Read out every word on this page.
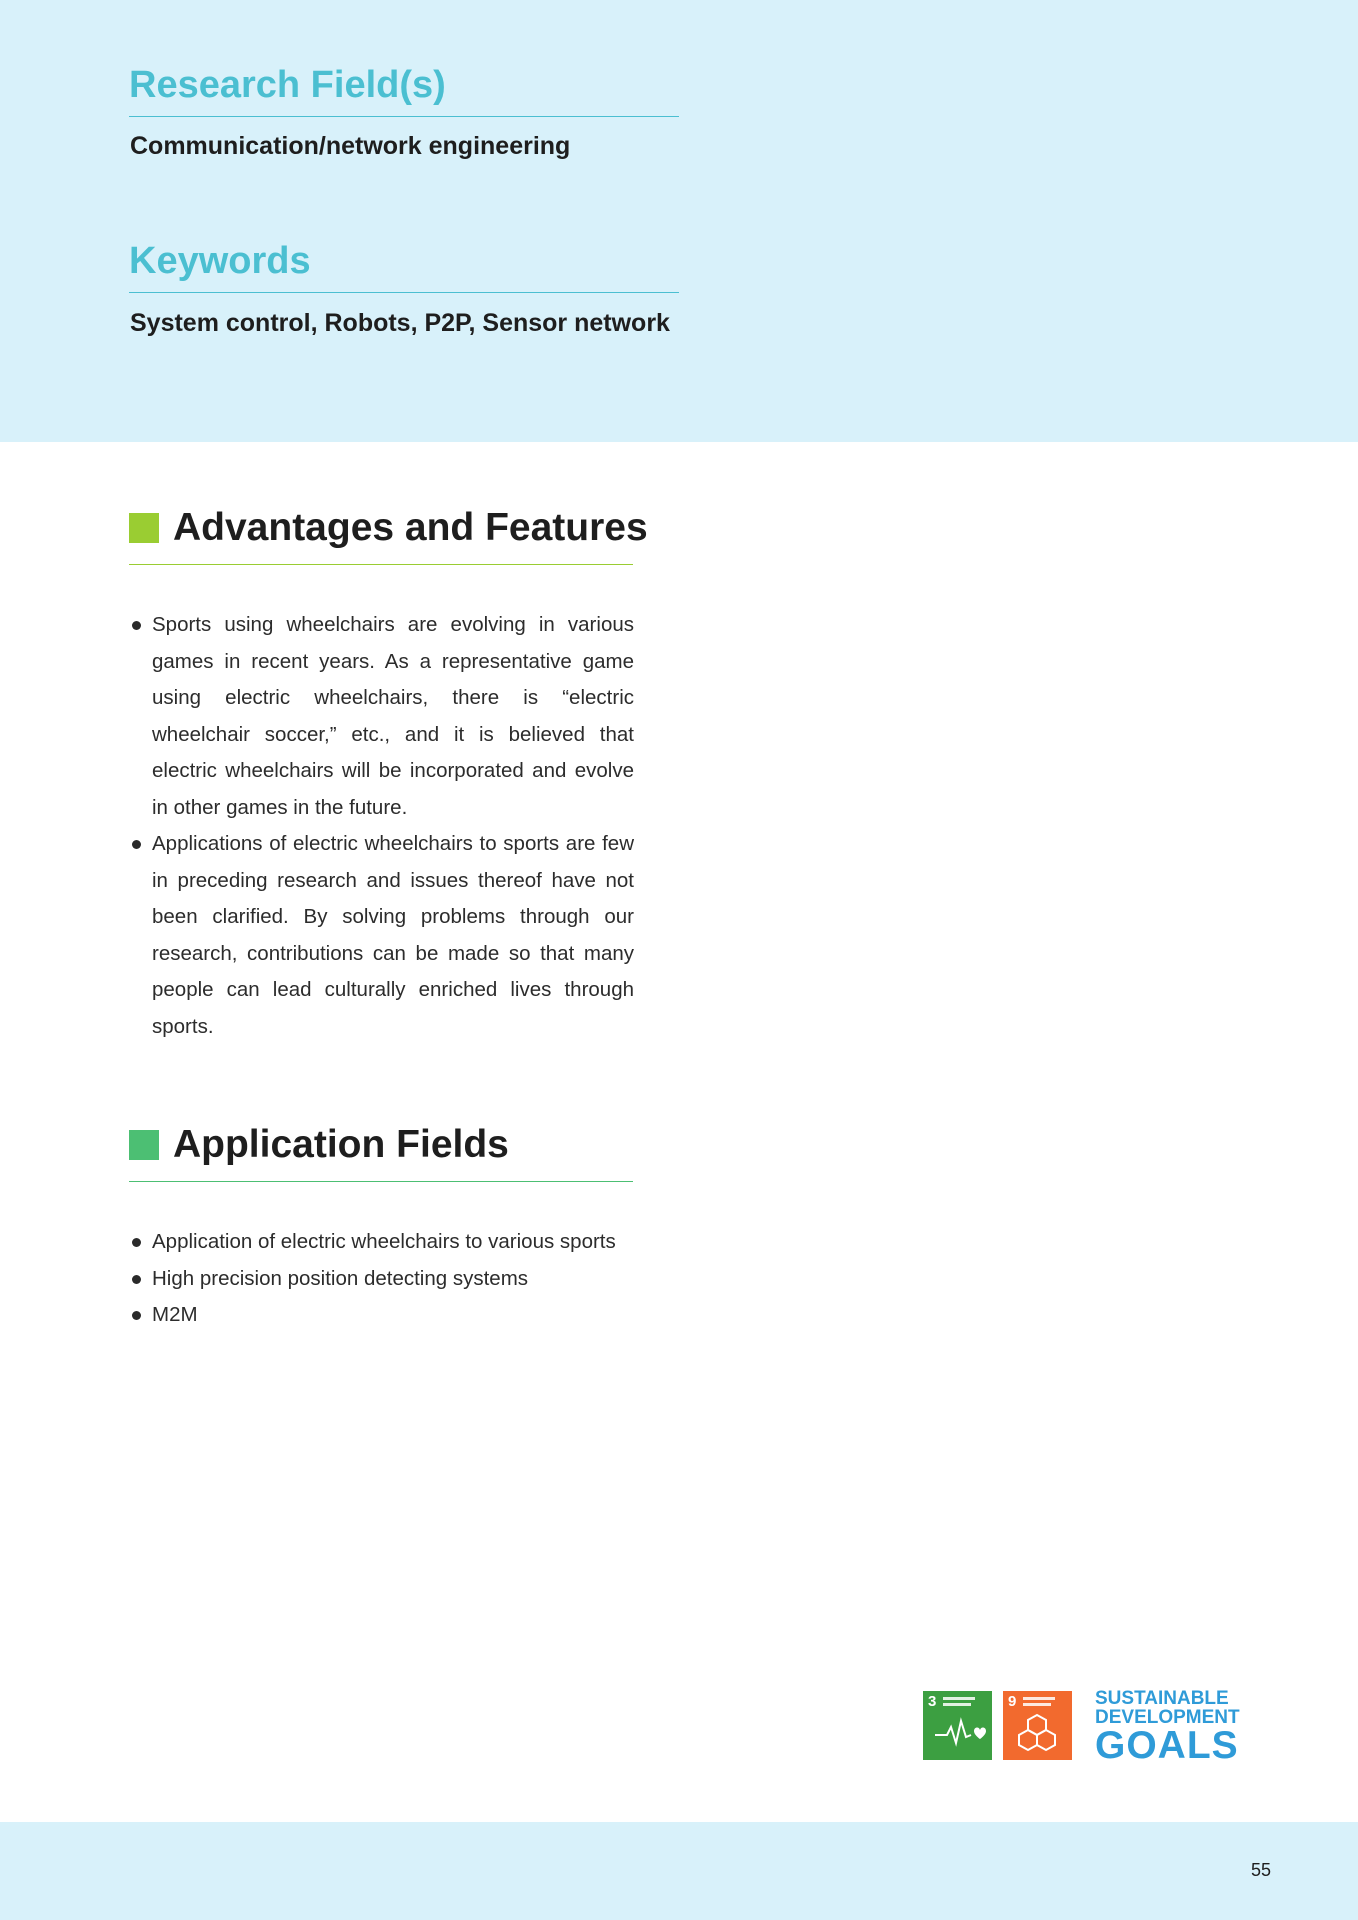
Research Field(s)

Communication/network engineering

Keywords

System control, Robots, P2P, Sensor network

Advantages and Features
Sports using wheelchairs are evolving in various games in recent years. As a representative game using electric wheelchairs, there is “electric wheelchair soccer,” etc., and it is believed that electric wheelchairs will be incorporated and evolve in other games in the future.
Applications of electric wheelchairs to sports are few in preceding research and issues thereof have not been clarified. By solving problems through our research, contributions can be made so that many people can lead culturally enriched lives through sports.
Application Fields
Application of electric wheelchairs to various sports
High precision position detecting systems
M2M
3	9	SUSTAINABLE

DEVELOPMENT

GOALS

55
